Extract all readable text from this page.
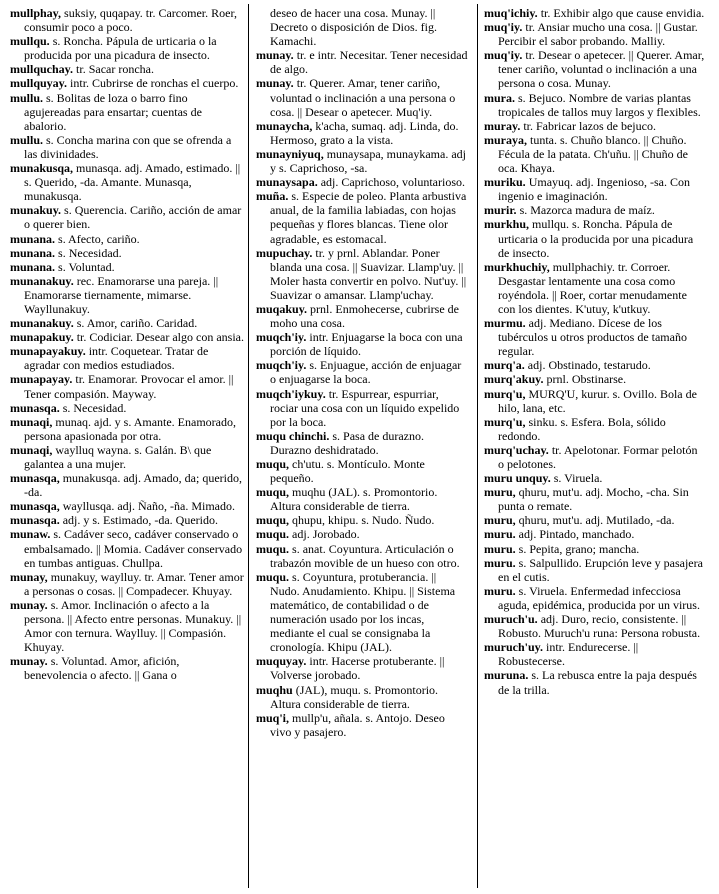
mullphay, suksiy, quqapay. tr. Carcomer. Roer, consumir poco a poco.

mullqu. s. Roncha. Pápula de urticaria o la producida por una picadura de insecto.

mullquchay. tr. Sacar roncha.

mullquyay. intr. Cubrirse de ronchas el cuerpo.

mullu. s. Bolitas de loza o barro fino agujereadas para ensartar; cuentas de abalorio.

mullu. s. Concha marina con que se ofrenda a las divinidades.

munakusqa, munasqa. adj. Amado, estimado. || s. Querido, -da. Amante. Munasqa, munakusqa.

munakuy. s. Querencia. Cariño, acción de amar o querer bien.

munana. s. Afecto, cariño.

munana. s. Necesidad.

munana. s. Voluntad.

munanakuy. rec. Enamorarse una pareja. || Enamorarse tiernamente, mimarse. Wayllunakuy.

munanakuy. s. Amor, cariño. Caridad.

munapakuy. tr. Codiciar. Desear algo con ansia.

munapayakuy. intr. Coquetear. Tratar de agradar con medios estudiados.

munapayay. tr. Enamorar. Provocar el amor. || Tener compasión. Mayway.

munasqa. s. Necesidad.

munaqi, munaq. ajd. y s. Amante. Enamorado, persona apasionada por otra.

munaqi, waylluq wayna. s. Galán. B\ que galantea a una mujer.

munasqa, munakusqa. adj. Amado, da; querido, -da.

munasqa, wayllusqa. adj. Ñaño, -ña. Mimado.

munasqa. adj. y s. Estimado, -da. Querido.

munaw. s. Cadáver seco, cadáver conservado o embalsamado. || Momia. Cadáver conservado en tumbas antiguas. Chullpa.

munay, munakuy, waylluy. tr. Amar. Tener amor a personas o cosas. || Compadecer. Khuyay.

munay. s. Amor. Inclinación o afecto a la persona. || Afecto entre personas. Munakuy. || Amor con ternura. Waylluy. || Compasión. Khuyay.

munay. s. Voluntad. Amor, afición, benevolencia o afecto. || Gana o

deseo de hacer una cosa. Munay. || Decreto o disposición de Dios. fig. Kamachi.

munay. tr. e intr. Necesitar. Tener necesidad de algo.

munay. tr. Querer. Amar, tener cariño, voluntad o inclinación a una persona o cosa. || Desear o apetecer. Muq'iy.

munaycha, k'acha, sumaq. adj. Linda, do. Hermoso, grato a la vista.

munayniyuq, munaysapa, munaykama. adj y s. Caprichoso, -sa.

munaysapa. adj. Caprichoso, voluntarioso.

muña. s. Especie de poleo. Planta arbustiva anual, de la familia labiadas, con hojas pequeñas y flores blancas. Tiene olor agradable, es estomacal.

mupuchay. tr. y prnl. Ablandar. Poner blanda una cosa. || Suavizar. Llamp'uy. || Moler hasta convertir en polvo. Nut'uy. || Suavizar o amansar. Llamp'uchay.

muqakuy. prnl. Enmohecerse, cubrirse de moho una cosa.

muqch'iy. intr. Enjuagarse la boca con una porción de líquido.

muqch'iy. s. Enjuague, acción de enjuagar o enjuagarse la boca.

muqch'iykuy. tr. Espurrear, espurriar, rociar una cosa con un líquido expelido por la boca.

muqu chinchi. s. Pasa de durazno. Durazno deshidratado.

muqu, ch'utu. s. Montículo. Monte pequeño.

muqu, muqhu (JAL). s. Promontorio. Altura considerable de tierra.

muqu, qhupu, khipu. s. Nudo. Ñudo.

muqu. adj. Jorobado.

muqu. s. anat. Coyuntura. Articulación o trabazón movible de un hueso con otro.

muqu. s. Coyuntura, protuberancia. || Nudo. Anudamiento. Khipu. || Sistema matemático, de contabilidad o de numeración usado por los incas, mediante el cual se consignaba la cronología. Khipu (JAL).

muquyay. intr. Hacerse protuberante. || Volverse jorobado.

muqhu (JAL), muqu. s. Promontorio. Altura considerable de tierra.

muq'i, mullp'u, añala. s. Antojo. Deseo vivo y pasajero.

muq'ichiy. tr. Exhibir algo que cause envidia.

muq'iy. tr. Ansiar mucho una cosa. || Gustar. Percibir el sabor probando. Malliy.

muq'iy. tr. Desear o apetecer. || Querer. Amar, tener cariño, voluntad o inclinación a una persona o cosa. Munay.

mura. s. Bejuco. Nombre de varias plantas tropicales de tallos muy largos y flexibles.

muray. tr. Fabricar lazos de bejuco.

muraya, tunta. s. Chuño blanco. || Chuño. Fécula de la patata. Ch'uñu. || Chuño de oca. Khaya.

muriku. Umayuq. adj. Ingenioso, -sa. Con ingenio e imaginación.

murir. s. Mazorca madura de maíz.

murkhu, mullqu. s. Roncha. Pápula de urticaria o la producida por una picadura de insecto.

murkhuchiy, mullphachiy. tr. Corroer. Desgastar lentamente una cosa como royéndola. || Roer, cortar menudamente con los dientes. K'utuy, k'utkuy.

murmu. adj. Mediano. Dícese de los tubérculos u otros productos de tamaño regular.

murq'a. adj. Obstinado, testarudo.

murq'akuy. prnl. Obstinarse.

murq'u, MURQ'U, kurur. s. Ovillo. Bola de hilo, lana, etc.

murq'u, sinku. s. Esfera. Bola, sólido redondo.

murq'uchay. tr. Apelotonar. Formar pelotón o pelotones.

muru unquy. s. Viruela.

muru, qhuru, mut'u. adj. Mocho, -cha. Sin punta o remate.

muru, qhuru, mut'u. adj. Mutilado, -da.

muru. adj. Pintado, manchado.

muru. s. Pepita, grano; mancha.

muru. s. Salpullido. Erupción leve y pasajera en el cutis.

muru. s. Viruela. Enfermedad infecciosa aguda, epidémica, producida por un virus.

muruch'u. adj. Duro, recio, consistente. || Robusto. Muruch'u runa: Persona robusta.

muruch'uy. intr. Endurecerse. || Robustecerse.

muruna. s. La rebusca entre la paja después de la trilla.
